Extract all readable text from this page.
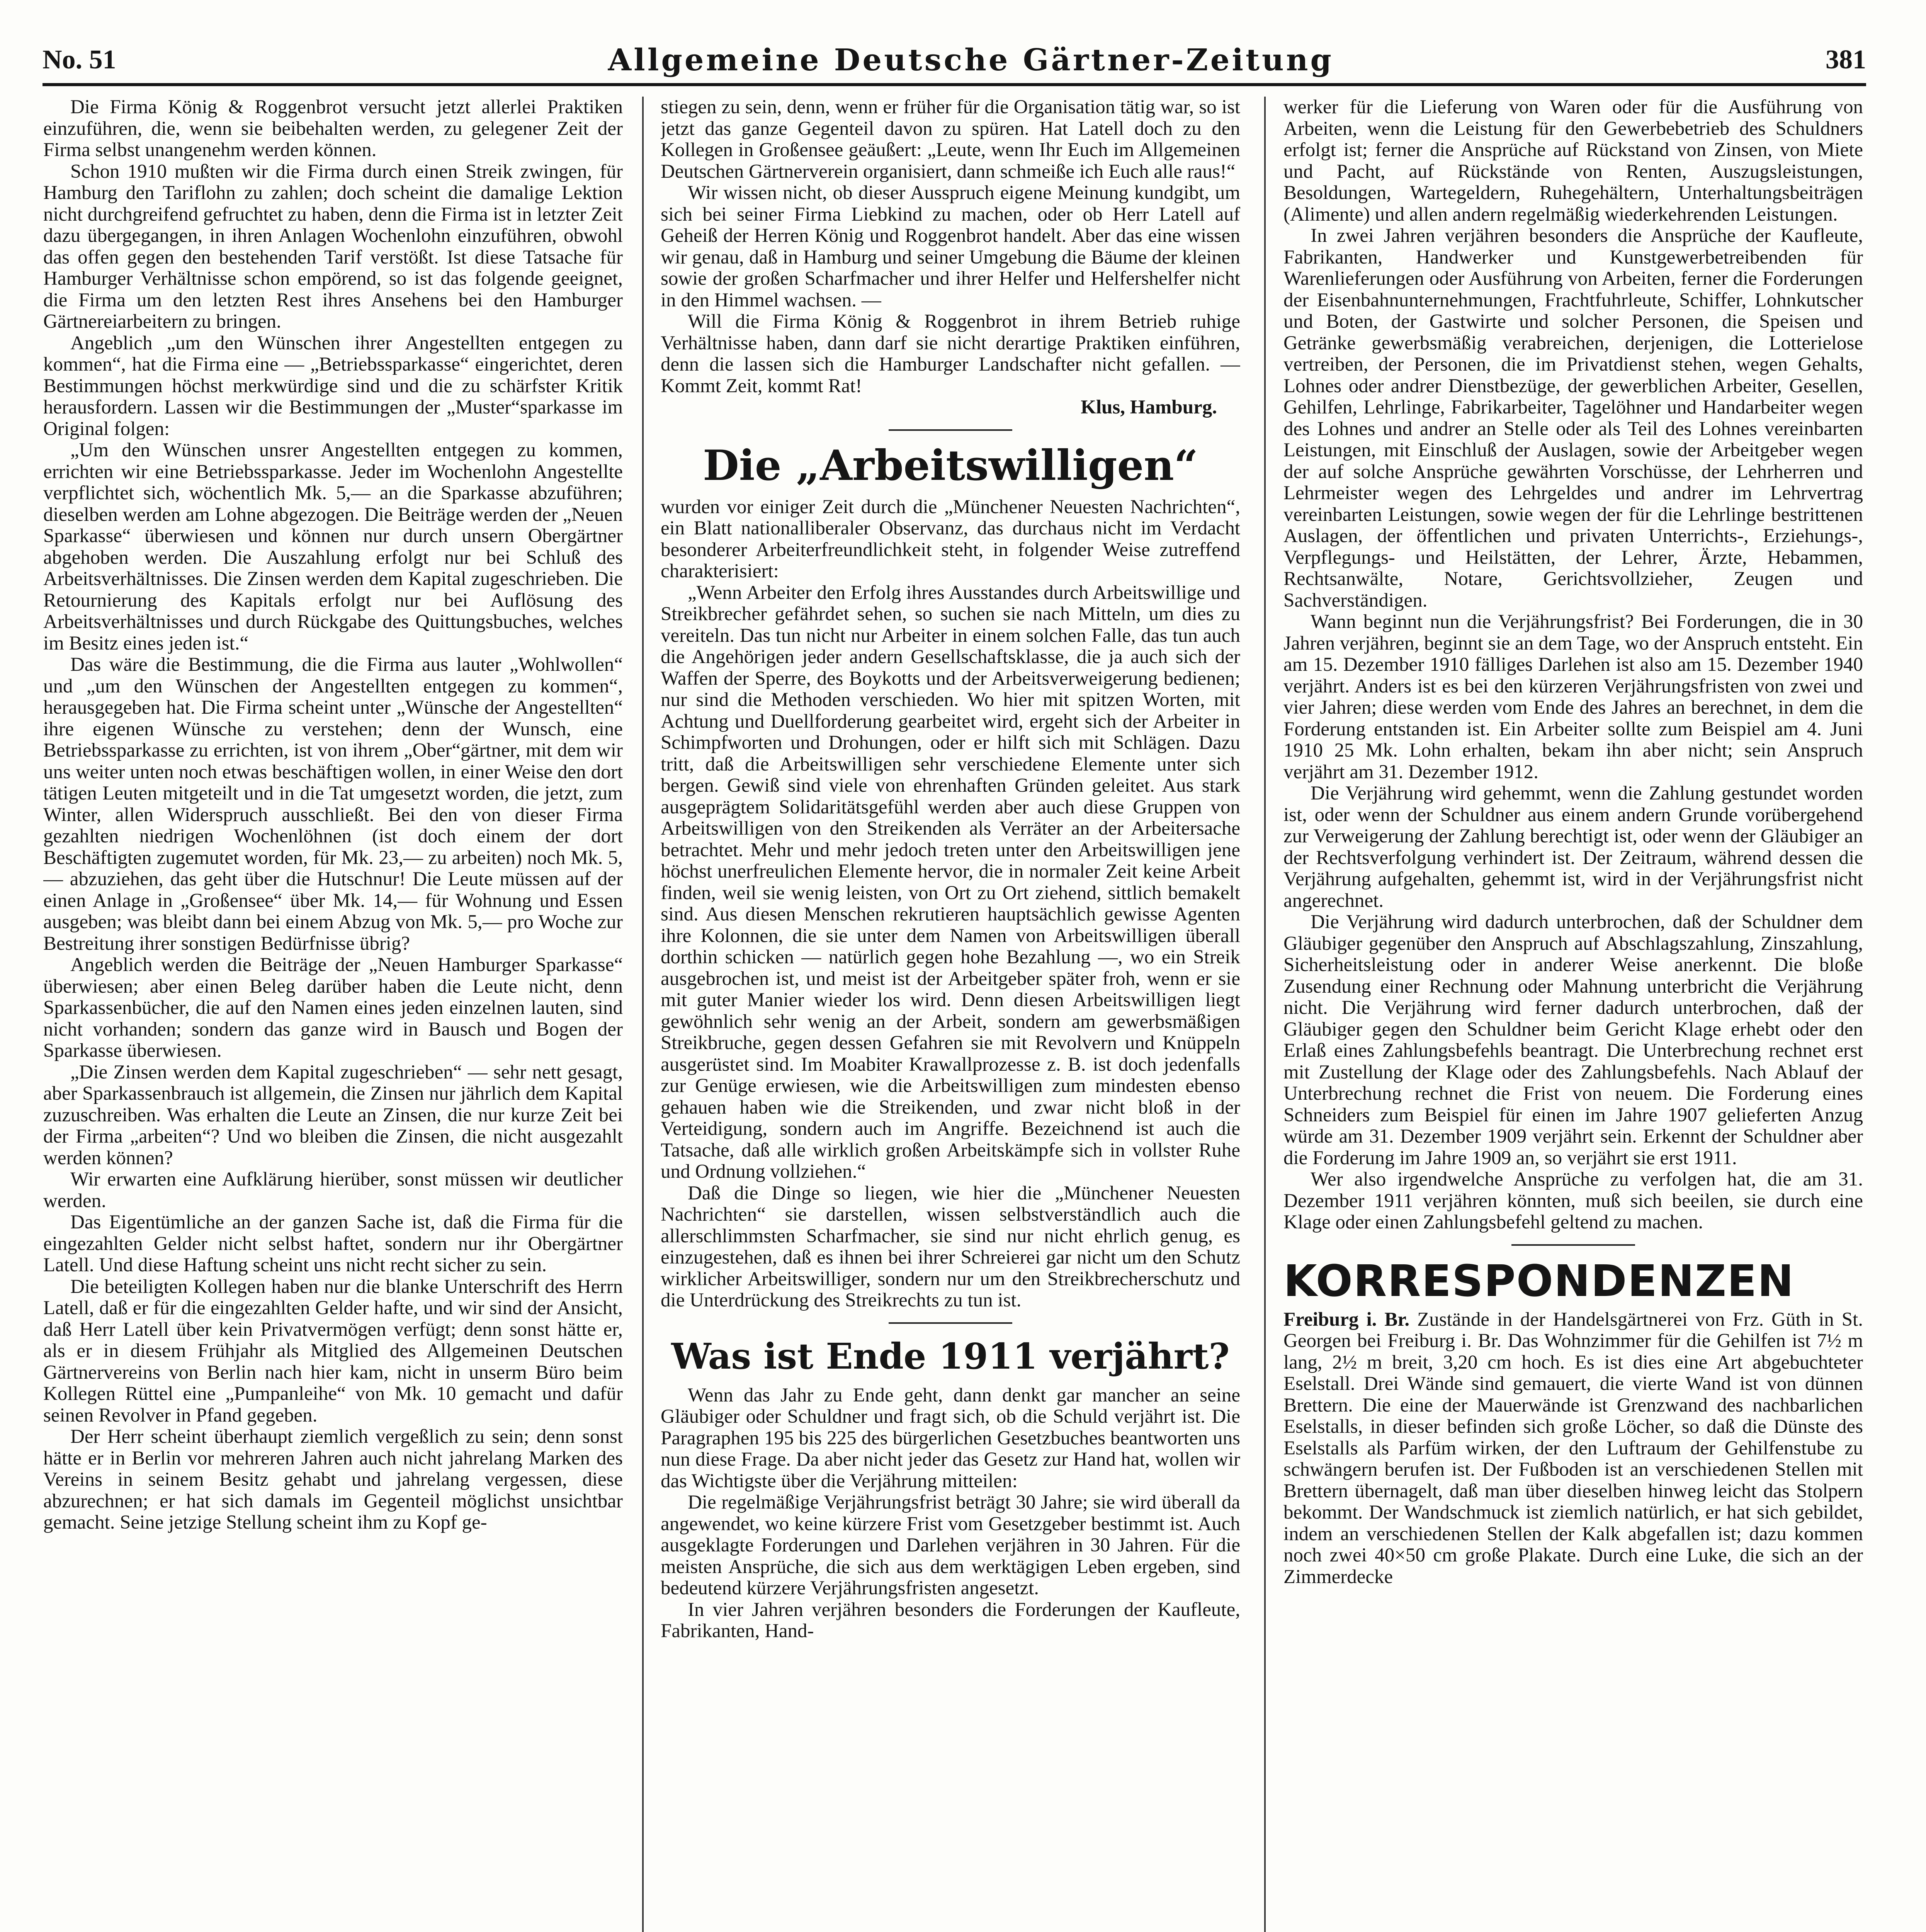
No. 51	Allgemeine Deutsche Gärtner-Zeitung	381

Die Firma König & Roggenbrot versucht jetzt allerlei Praktiken einzuführen, die, wenn sie beibehalten werden, zu gelegener Zeit der Firma selbst unangenehm werden können.

Schon 1910 mußten wir die Firma durch einen Streik zwingen, für Hamburg den Tariflohn zu zahlen; doch scheint die damalige Lektion nicht durchgreifend gefruchtet zu haben, denn die Firma ist in letzter Zeit dazu übergegangen, in ihren Anlagen Wochenlohn einzuführen, obwohl das offen gegen den bestehenden Tarif verstößt. Ist diese Tatsache für Hamburger Verhältnisse schon empörend, so ist das folgende geeignet, die Firma um den letzten Rest ihres Ansehens bei den Hamburger Gärtnereiarbeitern zu bringen.

Angeblich „um den Wünschen ihrer Angestellten entgegen zu kommen“, hat die Firma eine — „Betriebssparkasse“ eingerichtet, deren Bestimmungen höchst merkwürdige sind und die zu schärfster Kritik herausfordern. Lassen wir die Bestimmungen der „Muster“sparkasse im Original folgen:

„Um den Wünschen unsrer Angestellten entgegen zu kommen, errichten wir eine Betriebssparkasse. Jeder im Wochenlohn Angestellte verpflichtet sich, wöchentlich Mk. 5,— an die Sparkasse abzuführen; dieselben werden am Lohne abgezogen. Die Beiträge werden der „Neuen Sparkasse“ überwiesen und können nur durch unsern Obergärtner abgehoben werden. Die Auszahlung erfolgt nur bei Schluß des Arbeitsverhältnisses. Die Zinsen werden dem Kapital zugeschrieben. Die Retournierung des Kapitals erfolgt nur bei Auflösung des Arbeitsverhältnisses und durch Rückgabe des Quittungsbuches, welches im Besitz eines jeden ist.“

Das wäre die Bestimmung, die die Firma aus lauter „Wohlwollen“ und „um den Wünschen der Angestellten entgegen zu kommen“, herausgegeben hat. Die Firma scheint unter „Wünsche der Angestellten“ ihre eigenen Wünsche zu verstehen; denn der Wunsch, eine Betriebssparkasse zu errichten, ist von ihrem „Ober“gärtner, mit dem wir uns weiter unten noch etwas beschäftigen wollen, in einer Weise den dort tätigen Leuten mitgeteilt und in die Tat umgesetzt worden, die jetzt, zum Winter, allen Widerspruch ausschließt. Bei den von dieser Firma gezahlten niedrigen Wochenlöhnen (ist doch einem der dort Beschäftigten zugemutet worden, für Mk. 23,— zu arbeiten) noch Mk. 5,— abzuziehen, das geht über die Hutschnur! Die Leute müssen auf der einen Anlage in „Großensee“ über Mk. 14,— für Wohnung und Essen ausgeben; was bleibt dann bei einem Abzug von Mk. 5,— pro Woche zur Bestreitung ihrer sonstigen Bedürfnisse übrig?

Angeblich werden die Beiträge der „Neuen Hamburger Sparkasse“ überwiesen; aber einen Beleg darüber haben die Leute nicht, denn Sparkassenbücher, die auf den Namen eines jeden einzelnen lauten, sind nicht vorhanden; sondern das ganze wird in Bausch und Bogen der Sparkasse überwiesen.

„Die Zinsen werden dem Kapital zugeschrieben“ — sehr nett gesagt, aber Sparkassenbrauch ist allgemein, die Zinsen nur jährlich dem Kapital zuzuschreiben. Was erhalten die Leute an Zinsen, die nur kurze Zeit bei der Firma „arbeiten“? Und wo bleiben die Zinsen, die nicht ausgezahlt werden können?

Wir erwarten eine Aufklärung hierüber, sonst müssen wir deutlicher werden.

Das Eigentümliche an der ganzen Sache ist, daß die Firma für die eingezahlten Gelder nicht selbst haftet, sondern nur ihr Obergärtner Latell. Und diese Haftung scheint uns nicht recht sicher zu sein.

Die beteiligten Kollegen haben nur die blanke Unterschrift des Herrn Latell, daß er für die eingezahlten Gelder hafte, und wir sind der Ansicht, daß Herr Latell über kein Privatvermögen verfügt; denn sonst hätte er, als er in diesem Frühjahr als Mitglied des Allgemeinen Deutschen Gärtnervereins von Berlin nach hier kam, nicht in unserm Büro beim Kollegen Rüttel eine „Pumpanleihe“ von Mk. 10 gemacht und dafür seinen Revolver in Pfand gegeben.

Der Herr scheint überhaupt ziemlich vergeßlich zu sein; denn sonst hätte er in Berlin vor mehreren Jahren auch nicht jahrelang Marken des Vereins in seinem Besitz gehabt und jahrelang vergessen, diese abzurechnen; er hat sich damals im Gegenteil möglichst unsichtbar gemacht. Seine jetzige Stellung scheint ihm zu Kopf ge-

stiegen zu sein, denn, wenn er früher für die Organisation tätig war, so ist jetzt das ganze Gegenteil davon zu spüren. Hat Latell doch zu den Kollegen in Großensee geäußert: „Leute, wenn Ihr Euch im Allgemeinen Deutschen Gärtnerverein organisiert, dann schmeiße ich Euch alle raus!“

Wir wissen nicht, ob dieser Ausspruch eigene Meinung kundgibt, um sich bei seiner Firma Liebkind zu machen, oder ob Herr Latell auf Geheiß der Herren König und Roggenbrot handelt. Aber das eine wissen wir genau, daß in Hamburg und seiner Umgebung die Bäume der kleinen sowie der großen Scharfmacher und ihrer Helfer und Helfershelfer nicht in den Himmel wachsen. —

Will die Firma König & Roggenbrot in ihrem Betrieb ruhige Verhältnisse haben, dann darf sie nicht derartige Praktiken einführen, denn die lassen sich die Hamburger Landschafter nicht gefallen. — Kommt Zeit, kommt Rat!

Klus, Hamburg.

Die „Arbeitswilligen“

wurden vor einiger Zeit durch die „Münchener Neuesten Nachrichten“, ein Blatt nationalliberaler Observanz, das durchaus nicht im Verdacht besonderer Arbeiterfreundlichkeit steht, in folgender Weise zutreffend charakterisiert:

„Wenn Arbeiter den Erfolg ihres Ausstandes durch Arbeitswillige und Streikbrecher gefährdet sehen, so suchen sie nach Mitteln, um dies zu vereiteln. Das tun nicht nur Arbeiter in einem solchen Falle, das tun auch die Angehörigen jeder andern Gesellschaftsklasse, die ja auch sich der Waffen der Sperre, des Boykotts und der Arbeitsverweigerung bedienen; nur sind die Methoden verschieden. Wo hier mit spitzen Worten, mit Achtung und Duellforderung gearbeitet wird, ergeht sich der Arbeiter in Schimpfworten und Drohungen, oder er hilft sich mit Schlägen. Dazu tritt, daß die Arbeitswilligen sehr verschiedene Elemente unter sich bergen. Gewiß sind viele von ehrenhaften Gründen geleitet. Aus stark ausgeprägtem Solidaritätsgefühl werden aber auch diese Gruppen von Arbeitswilligen von den Streikenden als Verräter an der Arbeitersache betrachtet. Mehr und mehr jedoch treten unter den Arbeitswilligen jene höchst unerfreulichen Elemente hervor, die in normaler Zeit keine Arbeit finden, weil sie wenig leisten, von Ort zu Ort ziehend, sittlich bemakelt sind. Aus diesen Menschen rekrutieren hauptsächlich gewisse Agenten ihre Kolonnen, die sie unter dem Namen von Arbeitswilligen überall dorthin schicken — natürlich gegen hohe Bezahlung —, wo ein Streik ausgebrochen ist, und meist ist der Arbeitgeber später froh, wenn er sie mit guter Manier wieder los wird. Denn diesen Arbeitswilligen liegt gewöhnlich sehr wenig an der Arbeit, sondern am gewerbsmäßigen Streikbruche, gegen dessen Gefahren sie mit Revolvern und Knüppeln ausgerüstet sind. Im Moabiter Krawallprozesse z. B. ist doch jedenfalls zur Genüge erwiesen, wie die Arbeitswilligen zum mindesten ebenso gehauen haben wie die Streikenden, und zwar nicht bloß in der Verteidigung, sondern auch im Angriffe. Bezeichnend ist auch die Tatsache, daß alle wirklich großen Arbeitskämpfe sich in vollster Ruhe und Ordnung vollziehen.“

Daß die Dinge so liegen, wie hier die „Münchener Neuesten Nachrichten“ sie darstellen, wissen selbstverständlich auch die allerschlimmsten Scharfmacher, sie sind nur nicht ehrlich genug, es einzugestehen, daß es ihnen bei ihrer Schreierei gar nicht um den Schutz wirklicher Arbeitswilliger, sondern nur um den Streikbrecherschutz und die Unterdrückung des Streikrechts zu tun ist.

Was ist Ende 1911 verjährt?

Wenn das Jahr zu Ende geht, dann denkt gar mancher an seine Gläubiger oder Schuldner und fragt sich, ob die Schuld verjährt ist. Die Paragraphen 195 bis 225 des bürgerlichen Gesetzbuches beantworten uns nun diese Frage. Da aber nicht jeder das Gesetz zur Hand hat, wollen wir das Wichtigste über die Verjährung mitteilen:

Die regelmäßige Verjährungsfrist beträgt 30 Jahre; sie wird überall da angewendet, wo keine kürzere Frist vom Gesetzgeber bestimmt ist. Auch ausgeklagte Forderungen und Darlehen verjähren in 30 Jahren. Für die meisten Ansprüche, die sich aus dem werktägigen Leben ergeben, sind bedeutend kürzere Verjährungsfristen angesetzt.

In vier Jahren verjähren besonders die Forderungen der Kaufleute, Fabrikanten, Hand-

werker für die Lieferung von Waren oder für die Ausführung von Arbeiten, wenn die Leistung für den Gewerbebetrieb des Schuldners erfolgt ist; ferner die Ansprüche auf Rückstand von Zinsen, von Miete und Pacht, auf Rückstände von Renten, Auszugsleistungen, Besoldungen, Wartegeldern, Ruhegehältern, Unterhaltungsbeiträgen (Alimente) und allen andern regelmäßig wiederkehrenden Leistungen.

In zwei Jahren verjähren besonders die Ansprüche der Kaufleute, Fabrikanten, Handwerker und Kunstgewerbetreibenden für Warenlieferungen oder Ausführung von Arbeiten, ferner die Forderungen der Eisenbahnunternehmungen, Frachtfuhrleute, Schiffer, Lohnkutscher und Boten, der Gastwirte und solcher Personen, die Speisen und Getränke gewerbsmäßig verabreichen, derjenigen, die Lotterielose vertreiben, der Personen, die im Privatdienst stehen, wegen Gehalts, Lohnes oder andrer Dienstbezüge, der gewerblichen Arbeiter, Gesellen, Gehilfen, Lehrlinge, Fabrikarbeiter, Tagelöhner und Handarbeiter wegen des Lohnes und andrer an Stelle oder als Teil des Lohnes vereinbarten Leistungen, mit Einschluß der Auslagen, sowie der Arbeitgeber wegen der auf solche Ansprüche gewährten Vorschüsse, der Lehrherren und Lehrmeister wegen des Lehrgeldes und andrer im Lehrvertrag vereinbarten Leistungen, sowie wegen der für die Lehrlinge bestrittenen Auslagen, der öffentlichen und privaten Unterrichts-, Erziehungs-, Verpflegungs- und Heilstätten, der Lehrer, Ärzte, Hebammen, Rechtsanwälte, Notare, Gerichtsvollzieher, Zeugen und Sachverständigen.

Wann beginnt nun die Verjährungsfrist? Bei Forderungen, die in 30 Jahren verjähren, beginnt sie an dem Tage, wo der Anspruch entsteht. Ein am 15. Dezember 1910 fälliges Darlehen ist also am 15. Dezember 1940 verjährt. Anders ist es bei den kürzeren Verjährungsfristen von zwei und vier Jahren; diese werden vom Ende des Jahres an berechnet, in dem die Forderung entstanden ist. Ein Arbeiter sollte zum Beispiel am 4. Juni 1910 25 Mk. Lohn erhalten, bekam ihn aber nicht; sein Anspruch verjährt am 31. Dezember 1912.

Die Verjährung wird gehemmt, wenn die Zahlung gestundet worden ist, oder wenn der Schuldner aus einem andern Grunde vorübergehend zur Verweigerung der Zahlung berechtigt ist, oder wenn der Gläubiger an der Rechtsverfolgung verhindert ist. Der Zeitraum, während dessen die Verjährung aufgehalten, gehemmt ist, wird in der Verjährungsfrist nicht angerechnet.

Die Verjährung wird dadurch unterbrochen, daß der Schuldner dem Gläubiger gegenüber den Anspruch auf Abschlagszahlung, Zinszahlung, Sicherheitsleistung oder in anderer Weise anerkennt. Die bloße Zusendung einer Rechnung oder Mahnung unterbricht die Verjährung nicht. Die Verjährung wird ferner dadurch unterbrochen, daß der Gläubiger gegen den Schuldner beim Gericht Klage erhebt oder den Erlaß eines Zahlungsbefehls beantragt. Die Unterbrechung rechnet erst mit Zustellung der Klage oder des Zahlungsbefehls. Nach Ablauf der Unterbrechung rechnet die Frist von neuem. Die Forderung eines Schneiders zum Beispiel für einen im Jahre 1907 gelieferten Anzug würde am 31. Dezember 1909 verjährt sein. Erkennt der Schuldner aber die Forderung im Jahre 1909 an, so verjährt sie erst 1911.

Wer also irgendwelche Ansprüche zu verfolgen hat, die am 31. Dezember 1911 verjähren könnten, muß sich beeilen, sie durch eine Klage oder einen Zahlungsbefehl geltend zu machen.

KORRESPONDENZEN

Freiburg i. Br. Zustände in der Handelsgärtnerei von Frz. Güth in St. Georgen bei Freiburg i. Br. Das Wohnzimmer für die Gehilfen ist 7½ m lang, 2½ m breit, 3,20 cm hoch. Es ist dies eine Art abgebuchteter Eselstall. Drei Wände sind gemauert, die vierte Wand ist von dünnen Brettern. Die eine der Mauerwände ist Grenzwand des nachbarlichen Eselstalls, in dieser befinden sich große Löcher, so daß die Dünste des Eselstalls als Parfüm wirken, der den Luftraum der Gehilfenstube zu schwängern berufen ist. Der Fußboden ist an verschiedenen Stellen mit Brettern übernagelt, daß man über dieselben hinweg leicht das Stolpern bekommt. Der Wandschmuck ist ziemlich natürlich, er hat sich gebildet, indem an verschiedenen Stellen der Kalk abgefallen ist; dazu kommen noch zwei 40×50 cm große Plakate. Durch eine Luke, die sich an der Zimmerdecke
